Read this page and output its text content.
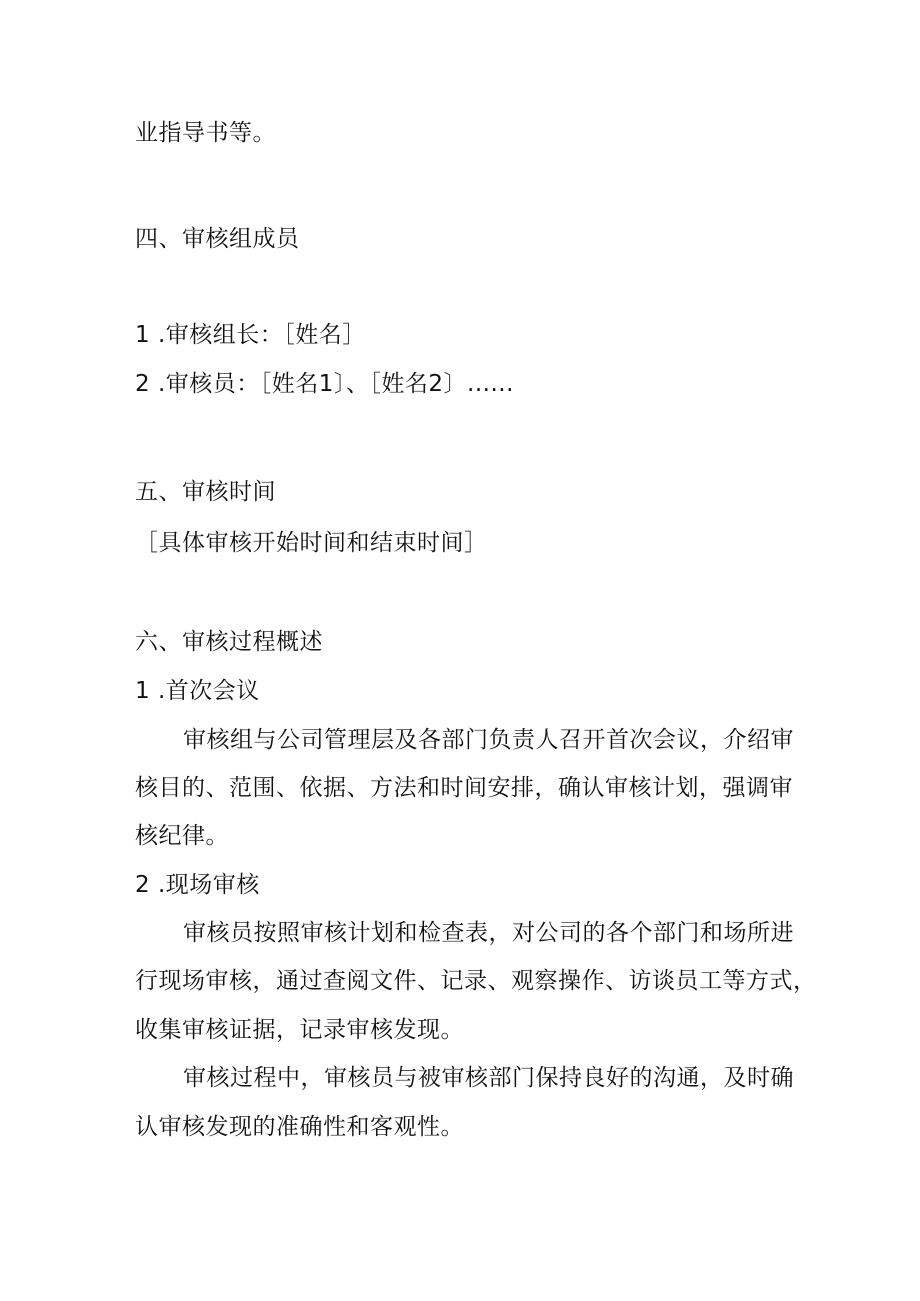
业指导书等。
四、审核组成员
1 .审核组长：［姓名］
2 .审核员：［姓名1〕、［姓名2〕......
五、审核时间
［具体审核开始时间和结束时间］
六、审核过程概述
1 .首次会议
审核组与公司管理层及各部门负责人召开首次会议，介绍审
核目的、范围、依据、方法和时间安排，确认审核计划，强调审
核纪律。
2 .现场审核
审核员按照审核计划和检查表，对公司的各个部门和场所进
行现场审核，通过查阅文件、记录、观察操作、访谈员工等方式，
收集审核证据，记录审核发现。
审核过程中，审核员与被审核部门保持良好的沟通，及时确
认审核发现的准确性和客观性。
